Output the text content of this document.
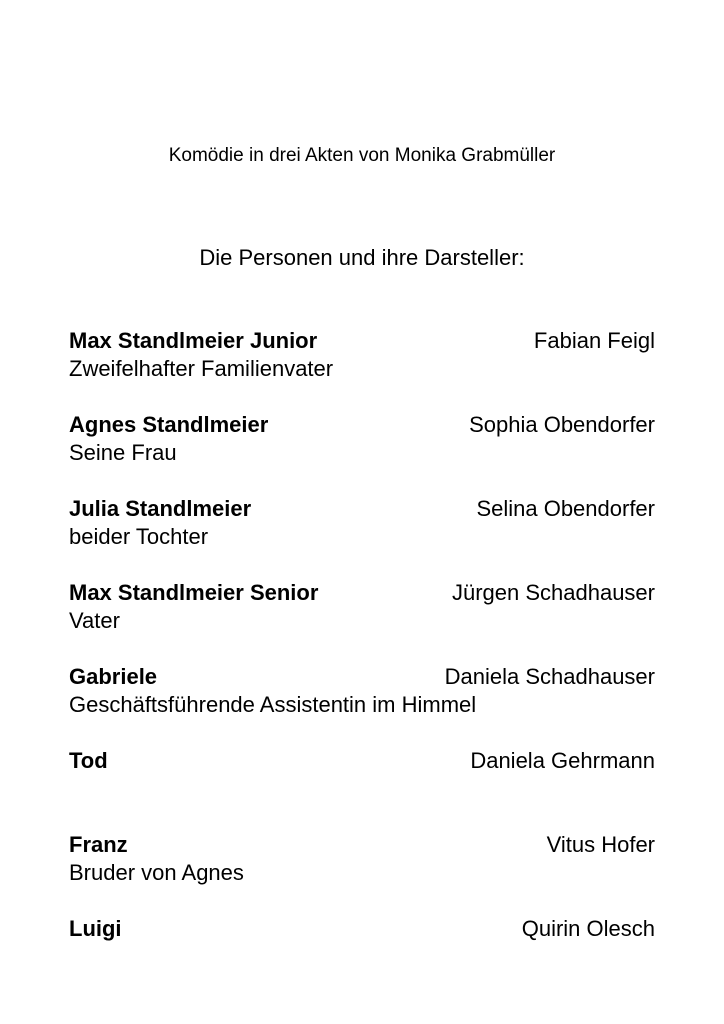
Komödie in drei Akten von Monika Grabmüller
Die Personen und ihre Darsteller:
Max Standlmeier Junior	Fabian Feigl
Zweifelhafter Familienvater
Agnes Standlmeier	Sophia Obendorfer
Seine Frau
Julia Standlmeier	Selina Obendorfer
beider Tochter
Max Standlmeier Senior	Jürgen Schadhauser
Vater
Gabriele	Daniela Schadhauser
Geschäftsführende Assistentin im Himmel
Tod	Daniela Gehrmann
Franz	Vitus Hofer
Bruder von Agnes
Luigi	Quirin Olesch
